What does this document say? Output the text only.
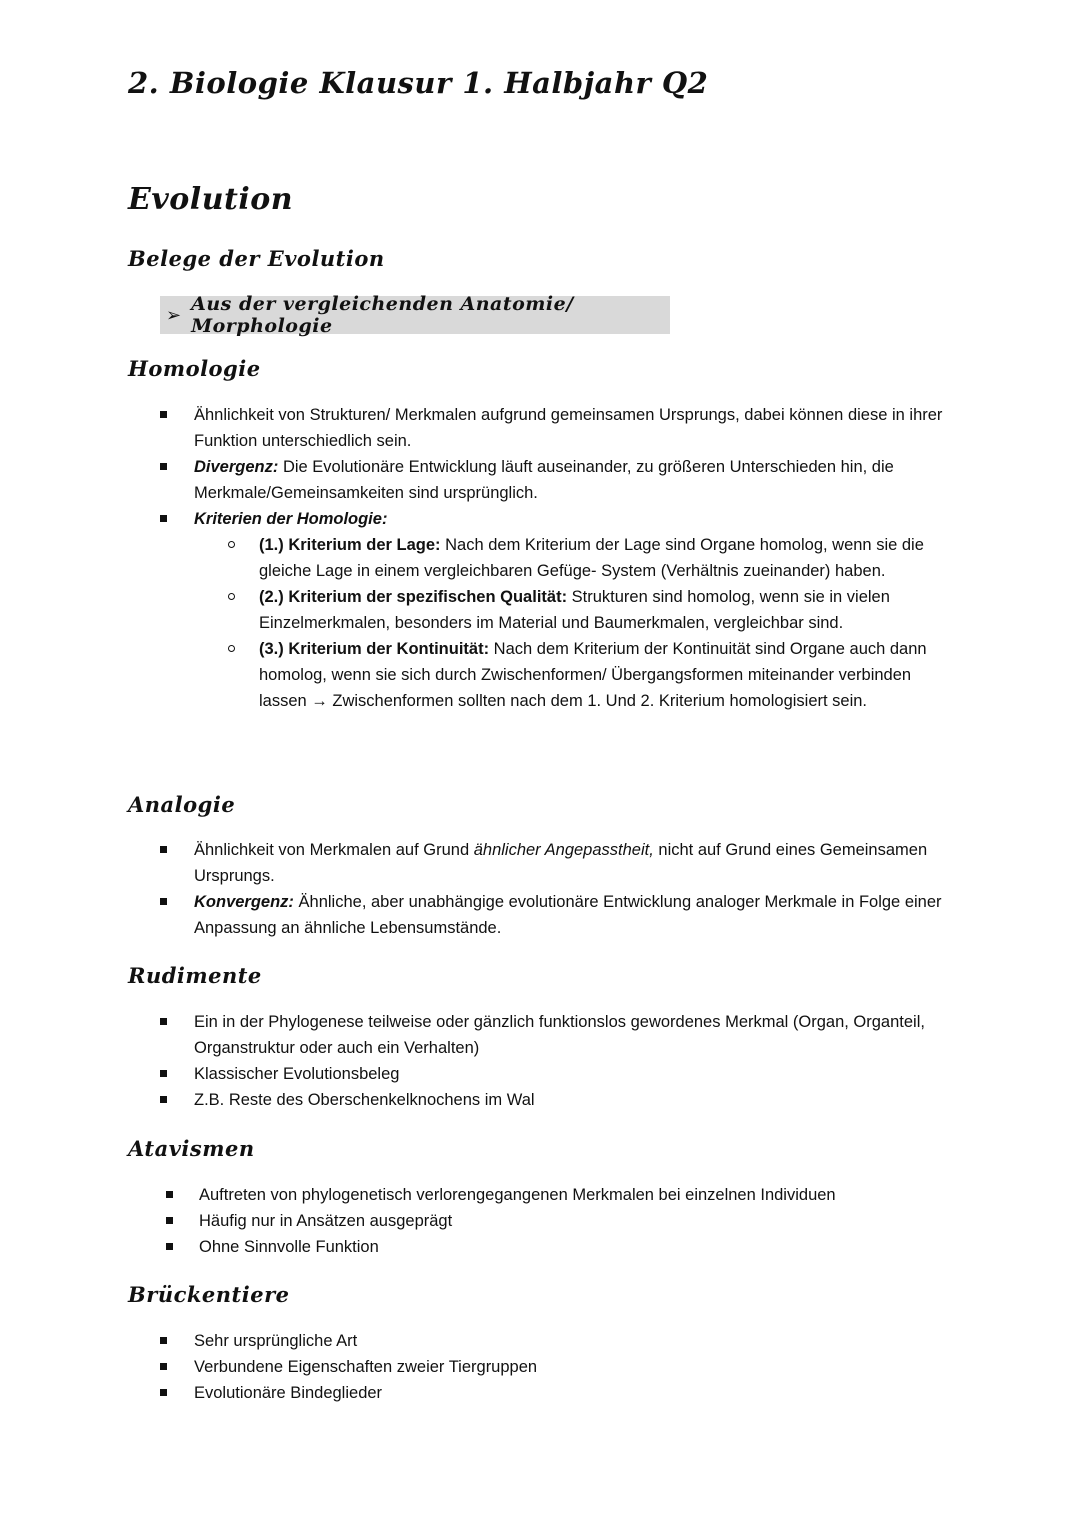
2. Biologie Klausur 1. Halbjahr Q2
Evolution
Belege der Evolution
➢ Aus der vergleichenden Anatomie/ Morphologie
Homologie
Ähnlichkeit von Strukturen/ Merkmalen aufgrund gemeinsamen Ursprungs, dabei können diese in ihrer Funktion unterschiedlich sein.
Divergenz: Die Evolutionäre Entwicklung läuft auseinander, zu größeren Unterschieden hin, die Merkmale/Gemeinsamkeiten sind ursprünglich.
Kriterien der Homologie:
(1.) Kriterium der Lage: Nach dem Kriterium der Lage sind Organe homolog, wenn sie die gleiche Lage in einem vergleichbaren Gefüge- System (Verhältnis zueinander) haben.
(2.) Kriterium der spezifischen Qualität: Strukturen sind homolog, wenn sie in vielen Einzelmerkmalen, besonders im Material und Baumerkmalen, vergleichbar sind.
(3.) Kriterium der Kontinuität: Nach dem Kriterium der Kontinuität sind Organe auch dann homolog, wenn sie sich durch Zwischenformen/ Übergangsformen miteinander verbinden lassen → Zwischenformen sollten nach dem 1. Und 2. Kriterium homologisiert sein.
Analogie
Ähnlichkeit von Merkmalen auf Grund ähnlicher Angepasstheit, nicht auf Grund eines Gemeinsamen Ursprungs.
Konvergenz: Ähnliche, aber unabhängige evolutionäre Entwicklung analoger Merkmale in Folge einer Anpassung an ähnliche Lebensumstände.
Rudimente
Ein in der Phylogenese teilweise oder gänzlich funktionslos gewordenes Merkmal (Organ, Organteil, Organstruktur oder auch ein Verhalten)
Klassischer Evolutionsbeleg
Z.B. Reste des Oberschenkelknochens im Wal
Atavismen
Auftreten von phylogenetisch verlorengegangenen Merkmalen bei einzelnen Individuen
Häufig nur in Ansätzen ausgeprägt
Ohne Sinnvolle Funktion
Brückentiere
Sehr ursprüngliche Art
Verbundene Eigenschaften zweier Tiergruppen
Evolutionäre Bindeglieder
